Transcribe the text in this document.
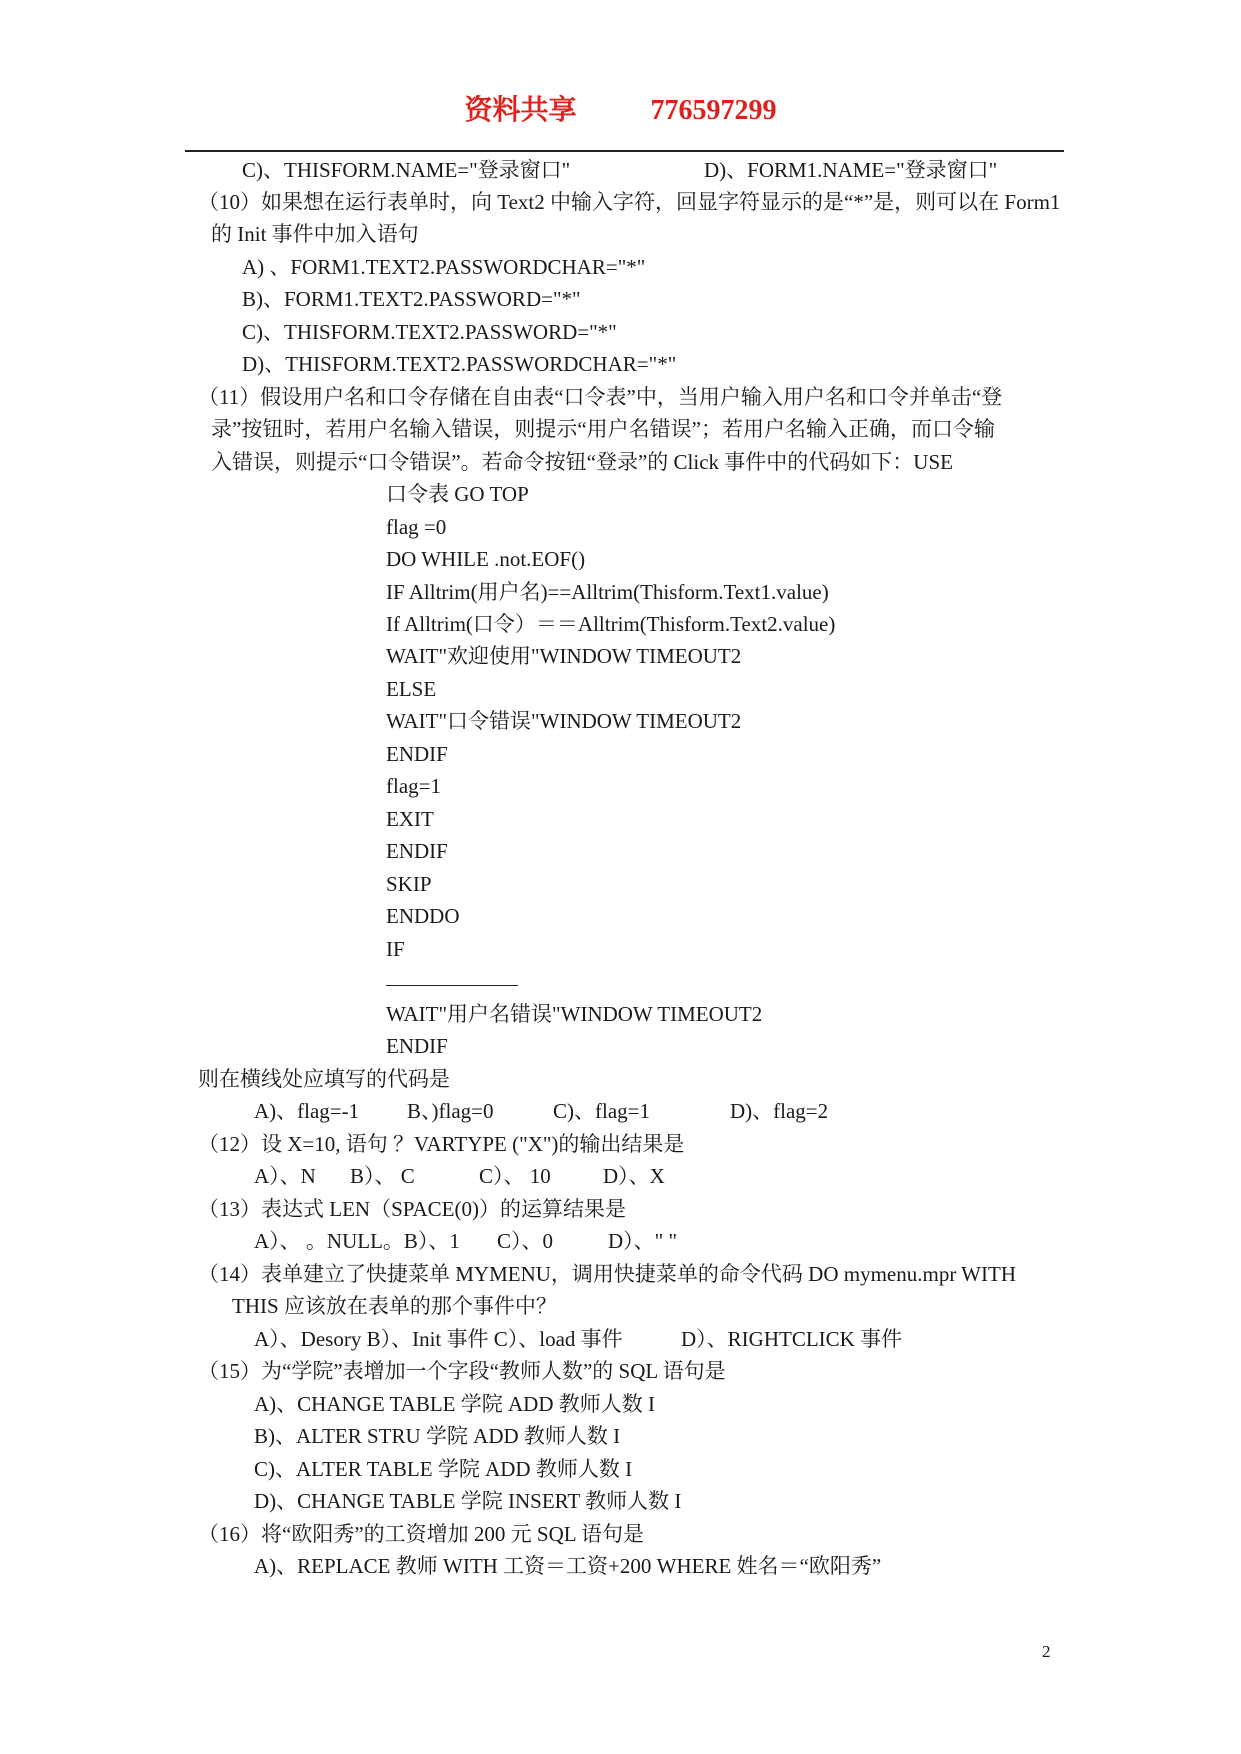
资料共享	776597299
C)、THISFORM.NAME="登录窗口"	D)、FORM1.NAME="登录窗口"
（10）如果想在运行表单时，向 Text2 中输入字符，回显字符显示的是“*”是，则可以在 Form1
的 Init 事件中加入语句
A) 、FORM1.TEXT2.PASSWORDCHAR="*"
B)、FORM1.TEXT2.PASSWORD="*"
C)、THISFORM.TEXT2.PASSWORD="*"
D)、THISFORM.TEXT2.PASSWORDCHAR="*"
（11）假设用户名和口令存储在自由表“口令表”中，当用户输入用户名和口令并单击“登
录”按钮时，若用户名输入错误，则提示“用户名错误”；若用户名输入正确，而口令输
入错误，则提示“口令错误”。若命令按钮“登录”的 Click 事件中的代码如下：USE
口令表 GO TOP
flag =0
DO WHILE .not.EOF()
IF Alltrim(用户名)==Alltrim(Thisform.Text1.value)
If Alltrim(口令）＝＝Alltrim(Thisform.Text2.value)
WAIT"欢迎使用"WINDOW TIMEOUT2
ELSE
WAIT"口令错误"WINDOW TIMEOUT2
ENDIF
flag=1
EXIT
ENDIF
SKIP
ENDDO
IF
WAIT"用户名错误"WINDOW TIMEOUT2
ENDIF
则在横线处应填写的代码是
A)、flag=-1 B、)flag=0	C)、flag=1	D)、flag=2
（12）设 X=10, 语句 ？VARTYPE ("X")的输出结果是
A）、N B）、 C	C）、 10 D）、X
（13）表达式 LEN（SPACE(0)）的运算结果是
A）、 。NULL。B）、1 C）、0	D）、" "
（14）表单建立了快捷菜单 MYMENU，调用快捷菜单的命令代码 DO mymenu.mpr WITH
THIS 应该放在表单的那个事件中？
A）、Desory B）、Init 事件 C）、load 事件	D）、RIGHTCLICK 事件
（15）为“学院”表增加一个字段“教师人数”的 SQL 语句是
A)、CHANGE TABLE 学院 ADD 教师人数 I
B)、ALTER STRU 学院 ADD 教师人数 I
C)、ALTER TABLE 学院 ADD 教师人数 I
D)、CHANGE TABLE 学院 INSERT 教师人数 I
（16）将“欧阳秀”的工资增加 200 元 SQL 语句是
A)、REPLACE 教师 WITH 工资＝工资+200 WHERE 姓名＝“欧阳秀”
2
